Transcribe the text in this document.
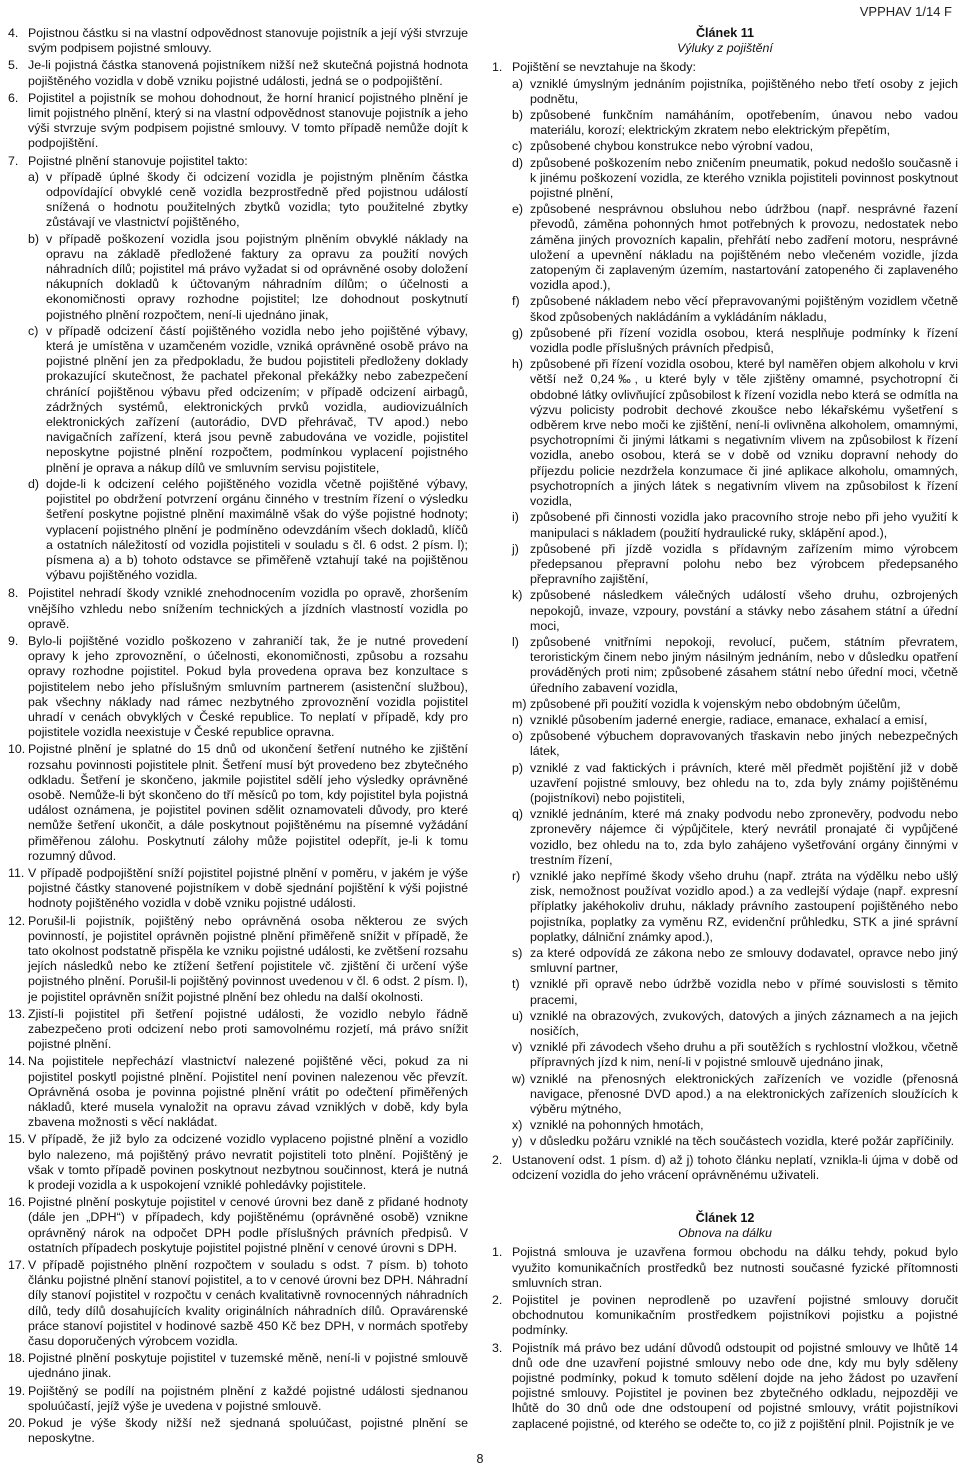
VPPHAV 1/14 F
4. Pojistnou částku si na vlastní odpovědnost stanovuje pojistník a její výši stvrzuje svým podpisem pojistné smlouvy.
5. Je-li pojistná částka stanovená pojistníkem nižší než skutečná pojistná hodnota pojištěného vozidla v době vzniku pojistné události, jedná se o podpojištění.
6. Pojistitel a pojistník se mohou dohodnout, že horní hranicí pojistného plnění je limit pojistného plnění, který si na vlastní odpovědnost stanovuje pojistník a jeho výši stvrzuje svým podpisem pojistné smlouvy. V tomto případě nemůže dojít k podpojištění.
7. Pojistné plnění stanovuje pojistitel takto:
a) v případě úplné škody či odcizení vozidla je pojistným plněním částka odpovídající obvyklé ceně vozidla bezprostředně před pojistnou událostí snížená o hodnotu použitelných zbytků vozidla; tyto použitelné zbytky zůstávají ve vlastnictví pojištěného,
b) v případě poškození vozidla jsou pojistným plněním obvyklé náklady na opravu na základě předložené faktury za opravu za použití nových náhradních dílů; pojistitel má právo vyžadat si od oprávněné osoby doložení nákupních dokladů k účtovaným náhradním dílům; o účelnosti a ekonomičnosti opravy rozhodne pojistitel; lze dohodnout poskytnutí pojistného plnění rozpočtem, není-li ujednáno jinak,
c) v případě odcizení částí pojištěného vozidla nebo jeho pojištěné výbavy, která je umístěna v uzamčeném vozidle, vzniká oprávněné osobě právo na pojistné plnění jen za předpokladu, že budou pojistiteli předloženy doklady prokazující skutečnost, že pachatel překonal překážky nebo zabezpečení chránící pojištěnou výbavu před odcizením; v případě odcizení airbagů, zádržných systémů, elektronických prvků vozidla, audiovizuálních elektronických zařízení (autorádio, DVD přehrávač, TV apod.) nebo navigačních zařízení, která jsou pevně zabudována ve vozidle, pojistitel neposkytne pojistné plnění rozpočtem, podmínkou vyplacení pojistného plnění je oprava a nákup dílů ve smluvním servisu pojistitele,
d) dojde-li k odcizení celého pojištěného vozidla včetně pojištěné výbavy, pojistitel po obdržení potvrzení orgánu činného v trestním řízení o výsledku šetření poskytne pojistné plnění maximálně však do výše pojistné hodnoty; vyplacení pojistného plnění je podmíněno odevzdáním všech dokladů, klíčů a ostatních náležitostí od vozidla pojistiteli v souladu s čl. 6 odst. 2 písm. l); písmena a) a b) tohoto odstavce se přiměřeně vztahují také na pojištěnou výbavu pojištěného vozidla.
8. Pojistitel nehradí škody vzniklé znehodnocením vozidla po opravě, zhoršením vnějšího vzhledu nebo snížením technických a jízdních vlastností vozidla po opravě.
9. Bylo-li pojištěné vozidlo poškozeno v zahraničí tak, že je nutné provedení opravy k jeho zprovoznění, o účelnosti, ekonomičnosti, způsobu a rozsahu opravy rozhodne pojistitel. Pokud byla provedena oprava bez konzultace s pojistitelem nebo jeho příslušným smluvním partnerem (asistenční službou), pak všechny náklady nad rámec nezbytného zprovoznění vozidla pojistitel uhradí v cenách obvyklých v České republice. To neplatí v případě, kdy pro pojistitele vozidla neexistuje v České republice opravna.
10. Pojistné plnění je splatné do 15 dnů od ukončení šetření nutného ke zjištění rozsahu povinnosti pojistitele plnit. Šetření musí být provedeno bez zbytečného odkladu. Šetření je skončeno, jakmile pojistitel sdělí jeho výsledky oprávněné osobě. Nemůže-li být skončeno do tří měsíců po tom, kdy pojistitel byla pojistná událost oznámena, je pojistitel povinen sdělit oznamovateli důvody, pro které nemůže šetření ukončit, a dále poskytnout pojištěnému na písemné vyžádání přiměřenou zálohu. Poskytnutí zálohy může pojistitel odepřít, je-li k tomu rozumný důvod.
11. V případě podpojištění sníží pojistitel pojistné plnění v poměru, v jakém je výše pojistné částky stanovené pojistníkem v době sjednání pojištění k výši pojistné hodnoty pojištěného vozidla v době vzniku pojistné události.
12. Porušil-li pojistník, pojištěný nebo oprávněná osoba některou ze svých povinností, je pojistitel oprávněn pojistné plnění přiměřeně snížit v případě, že tato okolnost podstatně přispěla ke vzniku pojistné události, ke zvětšení rozsahu jejích následků nebo ke ztížení šetření pojistitele vč. zjištění či určení výše pojistného plnění. Porušil-li pojištěný povinnost uvedenou v čl. 6 odst. 2 písm. l), je pojistitel oprávněn snížit pojistné plnění bez ohledu na další okolnosti.
13. Zjistí-li pojistitel při šetření pojistné události, že vozidlo nebylo řádně zabezpečeno proti odcizení nebo proti samovolnému rozjetí, má právo snížit pojistné plnění.
14. Na pojistitele nepřechází vlastnictví nalezené pojištěné věci, pokud za ni pojistitel poskytl pojistné plnění. Pojistitel není povinen nalezenou věc převzít. Oprávněná osoba je povinna pojistné plnění vrátit po odečtení přiměřených nákladů, které musela vynaložit na opravu závad vzniklých v době, kdy byla zbavena možnosti s věcí nakládat.
15. V případě, že již bylo za odcizené vozidlo vyplaceno pojistné plnění a vozidlo bylo nalezeno, má pojištěný právo nevratit pojistiteli toto plnění. Pojištěný je však v tomto případě povinen poskytnout nezbytnou součinnost, která je nutná k prodeji vozidla a k uspokojení vzniklé pohledávky pojistitele.
16. Pojistné plnění poskytuje pojistitel v cenové úrovni bez daně z přidané hodnoty (dále jen „DPH“) v případech, kdy pojištěnému (oprávněné osobě) vznikne oprávněný nárok na odpočet DPH podle příslušných právních předpisů. V ostatních případech poskytuje pojistitel pojistné plnění v cenové úrovni s DPH.
17. V případě pojistného plnění rozpočtem v souladu s odst. 7 písm. b) tohoto článku pojistné plnění stanoví pojistitel, a to v cenové úrovni bez DPH. Náhradní díly stanoví pojistitel v rozpočtu v cenách kvalitativně rovnocenných náhradních dílů, tedy dílů dosahujících kvality originálních náhradních dílů. Opravárenské práce stanoví pojistitel v hodinové sazbě 450 Kč bez DPH, v normách spotřeby času doporučených výrobcem vozidla.
18. Pojistné plnění poskytuje pojistitel v tuzemské měně, není-li v pojistné smlouvě ujednáno jinak.
19. Pojištěný se podílí na pojistném plnění z každé pojistné události sjednanou spoluúčastí, jejíž výše je uvedena v pojistné smlouvě.
20. Pokud je výše škody nižší než sjednaná spoluúčast, pojistné plnění se neposkytne.
Článek 11
Výluky z pojištění
1. Pojištění se nevztahuje na škody:
a) vzniklé úmyslným jednáním pojistníka, pojištěného nebo třetí osoby z jejich podnětu,
b) způsobené funkčním namáháním, opotřebením, únavou nebo vadou materiálu, korozí; elektrickým zkratem nebo elektrickým přepětím,
c) způsobené chybou konstrukce nebo výrobní vadou,
d) způsobené poškozením nebo zničením pneumatik, pokud nedošlo současně i k jinému poškození vozidla, ze kterého vznikla pojistiteli povinnost poskytnout pojistné plnění,
e) způsobené nesprávnou obsluhou nebo údržbou (např. nesprávné řazení převodů, záměna pohonných hmot potřebných k provozu, nedostatek nebo záměna jiných provozních kapalin, přehřátí nebo zadření motoru, nesprávné uložení a upevnění nákladu na pojištěném nebo vlečeném vozidle, jízda zatopeným či zaplaveným územím, nastartování zatopeného či zaplaveného vozidla apod.),
f) způsobené nákladem nebo věcí přepravovanými pojištěným vozidlem včetně škod způsobených nakládáním a vykládáním nákladu,
g) způsobené při řízení vozidla osobou, která nesplňuje podmínky k řízení vozidla podle příslušných právních předpisů,
h) způsobené při řízení vozidla osobou, které byl naměřen objem alkoholu v krvi větší než 0,24‰, u které byly v těle zjištěny omamné, psychotropní či obdobné látky ovlivňující způsobilost k řízení vozidla nebo která se odmítla na výzvu policisty podrobit dechové zkoušce nebo lékařskému vyšetření s odběrem krve nebo moči ke zjištění, není-li ovlivněna alkoholem, omamnými, psychotropními či jinými látkami s negativním vlivem na způsobilost k řízení vozidla, anebo osobou, která se v době od vzniku dopravní nehody do příjezdu policie nezdržela konzumace či jiné aplikace alkoholu, omamných, psychotropních a jiných látek s negativním vlivem na způsobilost k řízení vozidla,
i) způsobené při činnosti vozidla jako pracovního stroje nebo při jeho využití k manipulaci s nákladem (použití hydraulické ruky, sklápění apod.),
j) způsobené při jízdě vozidla s přídavným zařízením mimo výrobcem předepsanou přepravní polohu nebo bez výrobcem předepsaného přepravního zajištění,
k) způsobené následkem válečných událostí všeho druhu, ozbrojených nepokojů, invaze, vzpoury, povstání a stávky nebo zásahem státní a úřední moci,
l) způsobené vnitřními nepokoji, revolucí, pučem, státním převratem, teroristickým činem nebo jiným násilným jednáním, nebo v důsledku opatření prováděných proti nim; způsobené zásahem státní nebo úřední moci, včetně úředního zabavení vozidla,
m) způsobené při použití vozidla k vojenským nebo obdobným účelům,
n) vzniklé působením jaderné energie, radiace, emanace, exhalací a emisí,
o) způsobené výbuchem dopravovaných třaskavin nebo jiných nebezpečných látek,
p) vzniklé z vad faktických i právních, které měl předmět pojištění již v době uzavření pojistné smlouvy, bez ohledu na to, zda byly známy pojištěnému (pojistníkovi) nebo pojistiteli,
q) vzniklé jednáním, které má znaky podvodu nebo zpronevěry, podvodu nebo zpronevěry nájemce či výpůjčitele, který nevrátil pronajaté či vypůjčené vozidlo, bez ohledu na to, zda bylo zahájeno vyšetřování orgány činnými v trestním řízení,
r) vzniklé jako nepřímé škody všeho druhu (např. ztráta na výdělku nebo ušlý zisk, nemožnost používat vozidlo apod.) a za vedlejší výdaje (např. expresní příplatky jakéhokoliv druhu, náklady právního zastoupení pojištěného nebo pojistníka, poplatky za vyměnu RZ, evidenční průhledku, STK a jiné správní poplatky, dálniční známky apod.),
s) za které odpovídá ze zákona nebo ze smlouvy dodavatel, opravce nebo jiný smluvní partner,
t) vzniklé při opravě nebo údržbě vozidla nebo v přímé souvislosti s těmito pracemi,
u) vzniklé na obrazových, zvukových, datových a jiných záznamech a na jejich nosičích,
v) vzniklé při závodech všeho druhu a při soutěžích s rychlostní vložkou, včetně přípravných jízd k nim, není-li v pojistné smlouvě ujednáno jinak,
w) vzniklé na přenosných elektronických zařízeních ve vozidle (přenosná navigace, přenosné DVD apod.) a na elektronických zařízeních sloužících k výběru mýtného,
x) vzniklé na pohonných hmotách,
y) v důsledku požáru vzniklé na těch součástech vozidla, které požár zapříčinily.
2. Ustanovení odst. 1 písm. d) až j) tohoto článku neplatí, vznikla-li újma v době od odcizení vozidla do jeho vrácení oprávněnému uživateli.
Článek 12
Obnova na dálku
1. Pojistná smlouva je uzavřena formou obchodu na dálku tehdy, pokud bylo využito komunikačních prostředků bez nutnosti současné fyzické přítomnosti smluvních stran.
2. Pojistitel je povinen neprodleně po uzavření pojistné smlouvy doručit obchodnutou komunikačním prostředkem pojistníkovi pojistku a pojistné podmínky.
3. Pojistník má právo bez udání důvodů odstoupit od pojistné smlouvy ve lhůtě 14 dnů ode dne uzavření pojistné smlouvy nebo ode dne, kdy mu byly sděleny pojistné podmínky, pokud k tomuto sdělení dojde na jeho žádost po uzavření pojistné smlouvy. Pojistitel je povinen bez zbytečného odkladu, nejpozději ve lhůtě do 30 dnů ode dne odstoupení od pojistné smlouvy, vrátit pojistníkovi zaplacené pojistné, od kterého se odečte to, co již z pojištění plnil. Pojistník je ve
8
